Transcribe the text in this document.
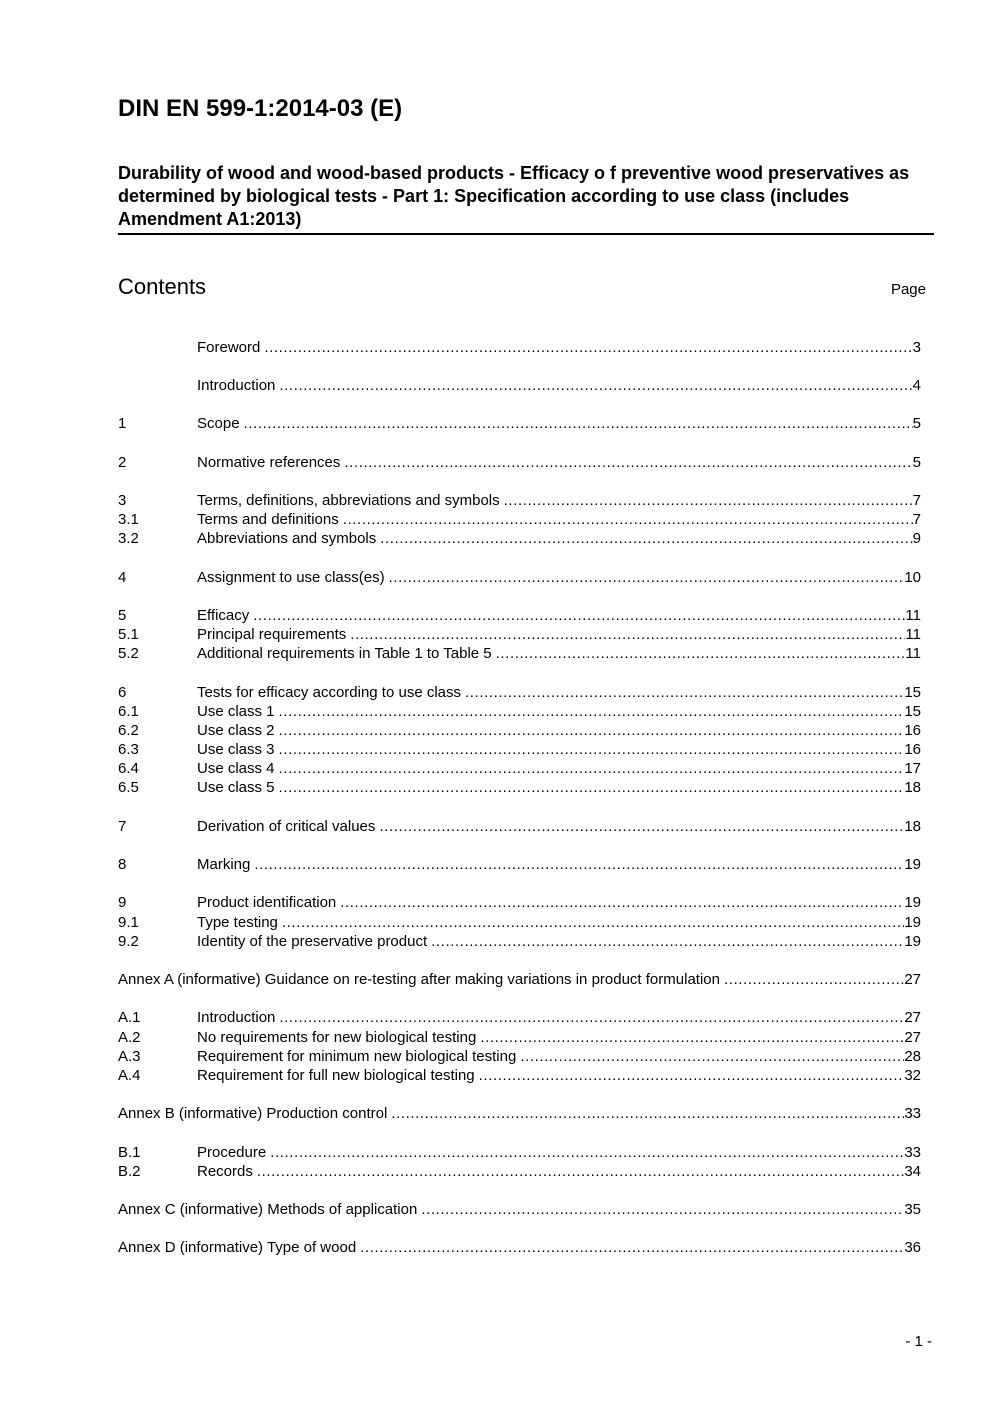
DIN EN 599-1:2014-03 (E)
Durability of wood and wood-based products - Efficacy o f preventive wood preservatives as determined by biological tests - Part 1: Specification according to use class (includes Amendment A1:2013)
Contents	Page
Foreword .....	3
Introduction .....	4
1	Scope .....	5
2	Normative references .....	5
3	Terms, definitions, abbreviations and symbols .....	7
3.1	Terms and definitions .....	7
3.2	Abbreviations and symbols .....	9
4	Assignment to use class(es) .....	10
5	Efficacy .....	11
5.1	Principal requirements .....	11
5.2	Additional requirements in Table 1 to Table 5 .....	11
6	Tests for efficacy according to use class .....	15
6.1	Use class 1 .....	15
6.2	Use class 2 .....	16
6.3	Use class 3 .....	16
6.4	Use class 4 .....	17
6.5	Use class 5 .....	18
7	Derivation of critical values .....	18
8	Marking .....	19
9	Product identification .....	19
9.1	Type testing .....	19
9.2	Identity of the preservative product .....	19
Annex A (informative) Guidance on re-testing after making variations in product formulation .....	27
A.1	Introduction .....	27
A.2	No requirements for new biological testing .....	27
A.3	Requirement for minimum new biological testing .....	28
A.4	Requirement for full new biological testing .....	32
Annex B (informative) Production control .....	33
B.1	Procedure .....	33
B.2	Records .....	34
Annex C (informative) Methods of application .....	35
Annex D (informative) Type of wood .....	36
- 1 -
